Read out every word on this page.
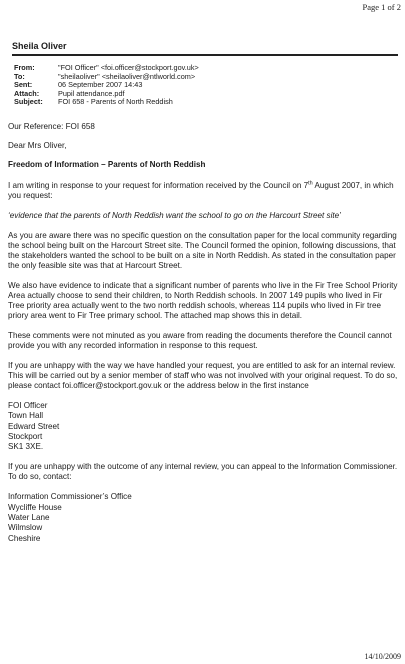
Page 1 of 2
Sheila Oliver
From:	"FOI Officer" <foi.officer@stockport.gov.uk>
To:	"sheilaoliver" <sheilaoliver@ntlworld.com>
Sent:	06 September 2007 14:43
Attach:	Pupil attendance.pdf
Subject:	FOI 658 - Parents of North Reddish

Our Reference: FOI 658

Dear Mrs Oliver,

Freedom of Information – Parents of North Reddish

I am writing in response to your request for information received by the Council on 7th August 2007, in which you request:

‘evidence that the parents of North Reddish want the school to go on the Harcourt Street site’

As you are aware there was no specific question on the consultation paper for the local community regarding the school being built on the Harcourt Street site. The Council formed the opinion, following discussions, that the stakeholders wanted the school to be built on a site in North Reddish. As stated in the consultation paper the only feasible site was that at Harcourt Street.

We also have evidence to indicate that a significant number of parents who live in the Fir Tree School Priority Area actually choose to send their children, to North Reddish schools. In 2007 149 pupils who lived in Fir Tree priority area actually went to the two north reddish schools, whereas 114 pupils who lived in Fir tree priory area went to Fir Tree primary school. The attached map shows this in detail.

These comments were not minuted as you aware from reading the documents therefore the Council cannot provide you with any recorded information in response to this request.

If you are unhappy with the way we have handled your request, you are entitled to ask for an internal review. This will be carried out by a senior member of staff who was not involved with your original request. To do so, please contact foi.officer@stockport.gov.uk or the address below in the first instance

FOI Officer
Town Hall
Edward Street
Stockport
SK1 3XE.

If you are unhappy with the outcome of any internal review, you can appeal to the Information Commissioner. To do so, contact:

Information Commissioner’s Office
Wycliffe House
Water Lane
Wilmslow
Cheshire
14/10/2009
